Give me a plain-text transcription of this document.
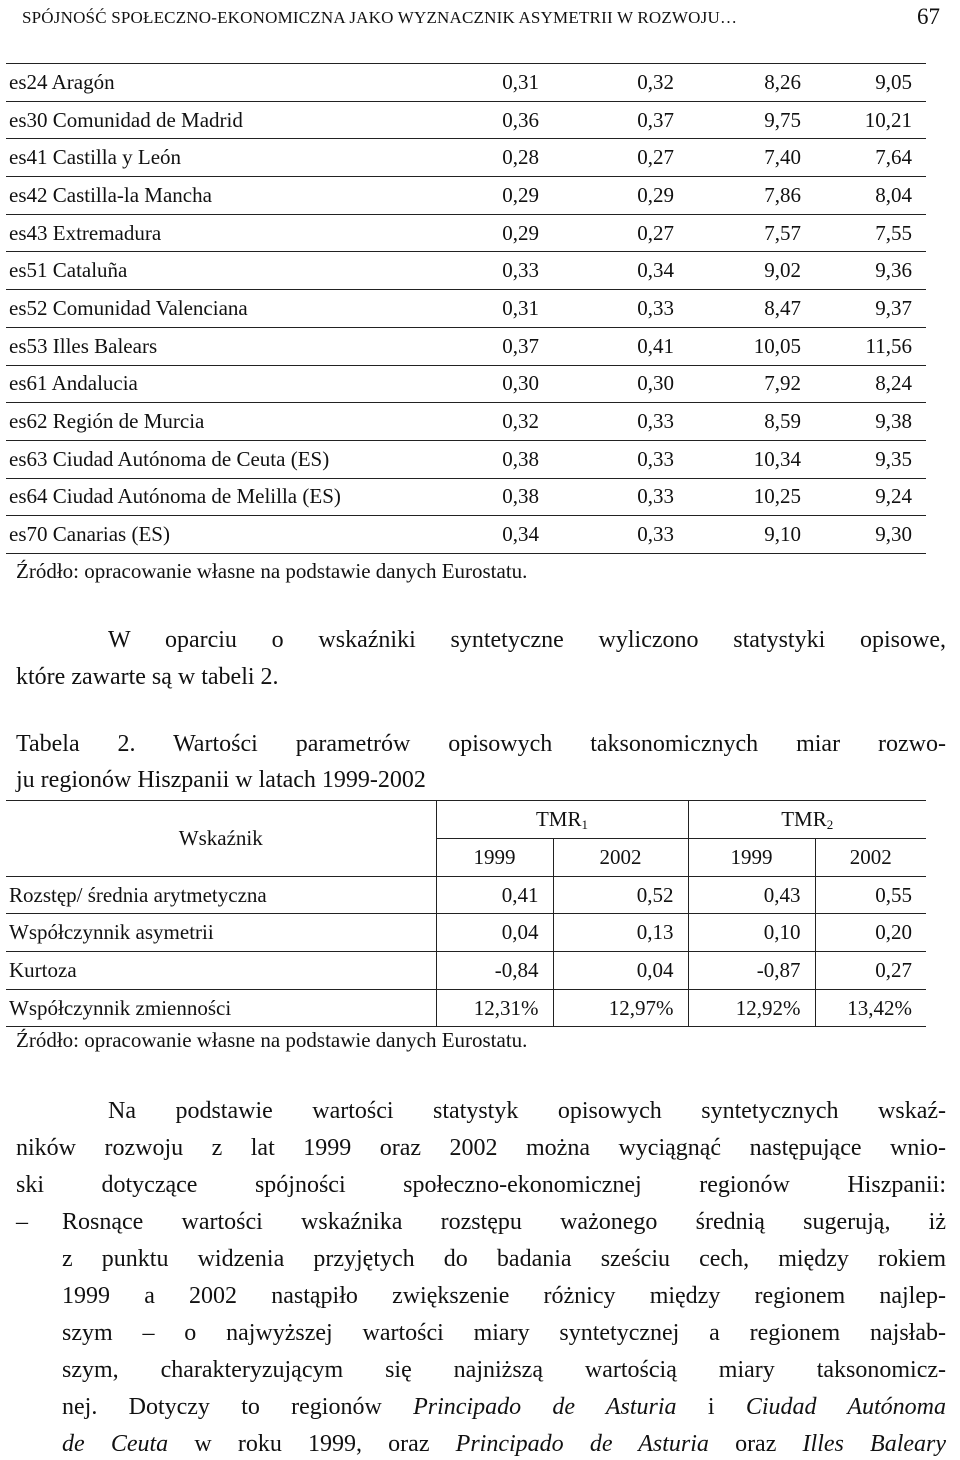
SPÓJNOŚĆ SPOŁECZNO-EKONOMICZNA JAKO WYZNACZNIK ASYMETRII W ROZWOJU…	67
es24 Aragón	0,31	0,32	8,26	9,05
es30 Comunidad de Madrid	0,36	0,37	9,75	10,21
es41 Castilla y León	0,28	0,27	7,40	7,64
es42 Castilla-la Mancha	0,29	0,29	7,86	8,04
es43 Extremadura	0,29	0,27	7,57	7,55
es51 Cataluña	0,33	0,34	9,02	9,36
es52 Comunidad Valenciana	0,31	0,33	8,47	9,37
es53 Illes Balears	0,37	0,41	10,05	11,56
es61 Andalucia	0,30	0,30	7,92	8,24
es62 Región de Murcia	0,32	0,33	8,59	9,38
es63 Ciudad Autónoma de Ceuta (ES)	0,38	0,33	10,34	9,35
es64 Ciudad Autónoma de Melilla (ES)	0,38	0,33	10,25	9,24
es70 Canarias (ES)	0,34	0,33	9,10	9,30
Źródło: opracowanie własne na podstawie danych Eurostatu.
W oparciu o wskaźniki syntetyczne wyliczono statystyki opisowe,
które zawarte są w tabeli 2.
Tabela 2. Wartości parametrów opisowych taksonomicznych miar rozwo-
ju regionów Hiszpanii w latach 1999-2002
Wskaźnik	$TMR_1$		$TMR_2$
	1999	2002	1999	2002
Rozstęp/ średnia arytmetyczna	0,41	0,52	0,43	0,55
Współczynnik asymetrii	0,04	0,13	0,10	0,20
Kurtoza	-0,84	0,04	-0,87	0,27
Współczynnik zmienności	12,31%	12,97%	12,92%	13,42%
Źródło: opracowanie własne na podstawie danych Eurostatu.
Na podstawie wartości statystyk opisowych syntetycznych wskaź-
ników rozwoju z lat 1999 oraz 2002 można wyciągnąć następujące wnio-
ski dotyczące spójności społeczno-ekonomicznej regionów Hiszpanii:
– Rosnące wartości wskaźnika rozstępu ważonego średnią sugerują, iż
z punktu widzenia przyjętych do badania sześciu cech, między rokiem
1999 a 2002 nastąpiło zwiększenie różnicy między regionem najlep-
szym – o najwyższej wartości miary syntetycznej a regionem najsłab-
szym, charakteryzującym się najniższą wartością miary taksonomicz-
nej. Dotyczy to regionów Principado de Asturia i Ciudad Autónoma
de Ceuta w roku 1999, oraz Principado de Asturia oraz Illes Baleary
